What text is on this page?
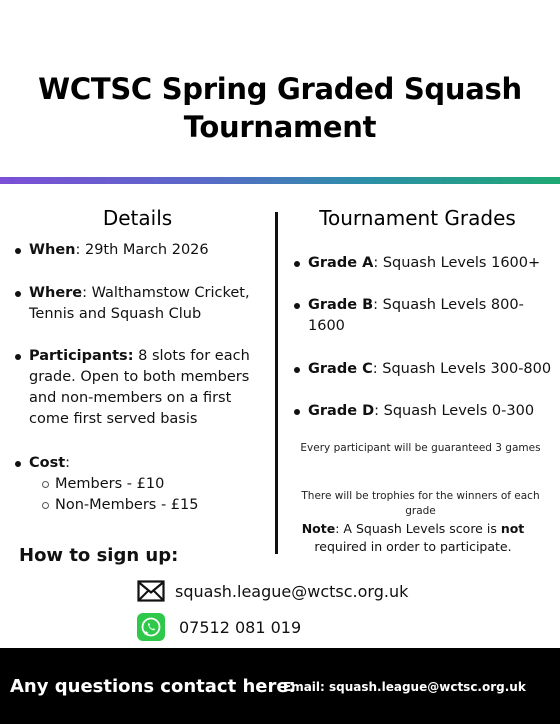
WCTSC Spring Graded Squash
Tournament
Details	Tournament Grades
When: 29th March 2026
Where: Walthamstow Cricket, Tennis and Squash Club
Participants: 8 slots for each grade. Open to both members and non-members on a first come first served basis
Cost:
Members - £10
Non-Members - £15
Grade A: Squash Levels 1600+
Grade B: Squash Levels 800-1600
Grade C: Squash Levels 300-800
Grade D: Squash Levels 0-300
Every participant will be guaranteed 3 games
There will be trophies for the winners of each grade
Note: A Squash Levels score is not required in order to participate.
How to sign up:
squash.league@wctsc.org.uk
07512 081 019
Any questions contact here:
Email: squash.league@wctsc.org.uk
